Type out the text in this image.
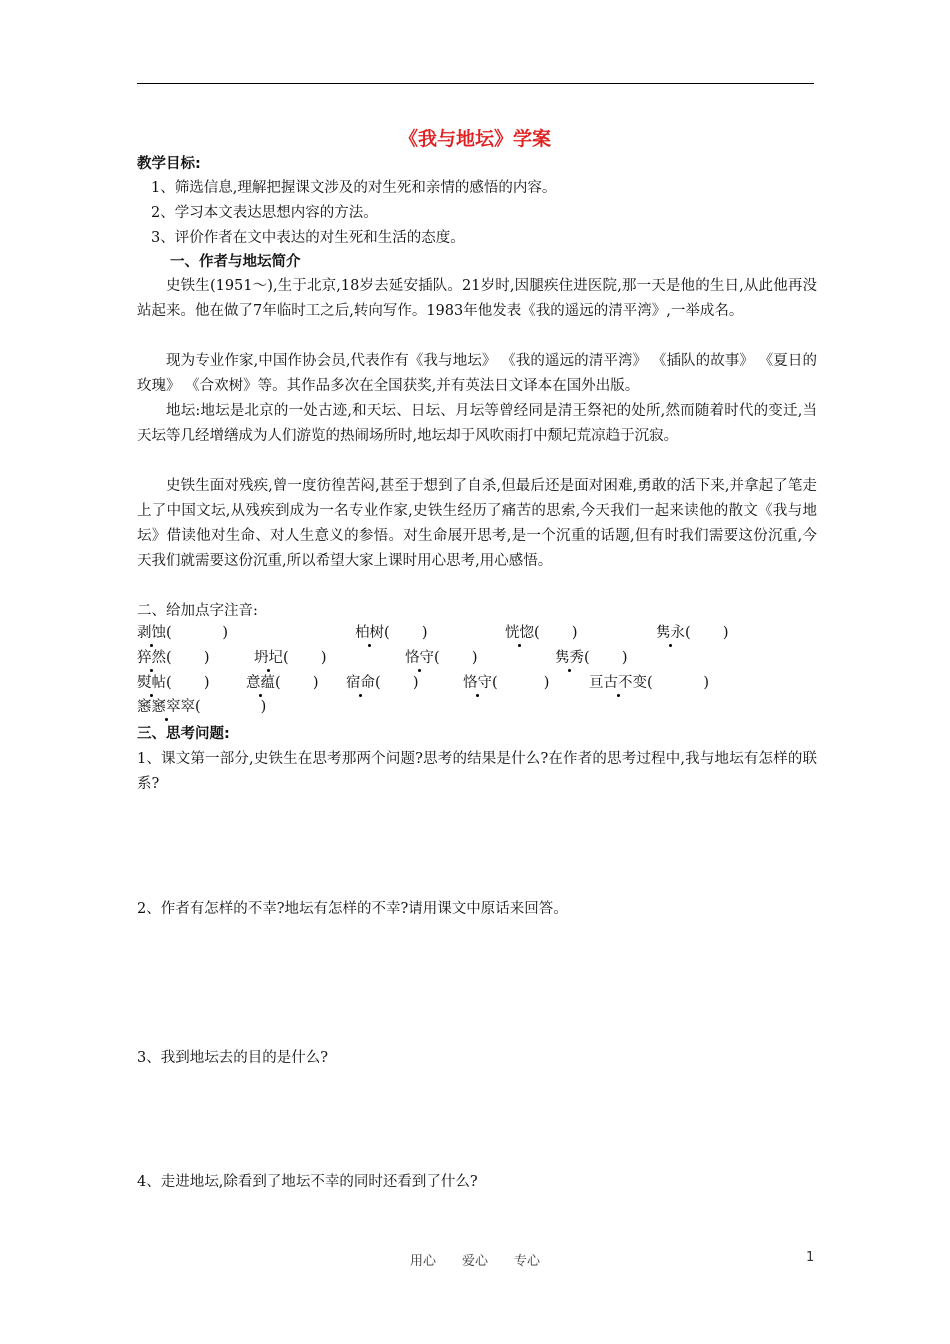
《我与地坛》学案
教学目标:
1、筛选信息,理解把握课文涉及的对生死和亲情的感悟的内容。
2、学习本文表达思想内容的方法。
3、评价作者在文中表达的对生死和生活的态度。
一、作者与地坛简介
史铁生(1951～),生于北京,18岁去延安插队。21岁时,因腿疾住进医院,那一天是他的生日,从此他再没站起来。他在做了7年临时工之后,转向写作。1983年他发表《我的遥远的清平湾》,一举成名。
现为专业作家,中国作协会员,代表作有《我与地坛》 《我的遥远的清平湾》 《插队的故事》 《夏日的玫瑰》 《合欢树》等。其作品多次在全国获奖,并有英法日文译本在国外出版。
地坛:地坛是北京的一处古迹,和天坛、日坛、月坛等曾经同是清王祭祀的处所,然而随着时代的变迁,当天坛等几经增缮成为人们游览的热闹场所时,地坛却于风吹雨打中颓圮荒凉趋于沉寂。
史铁生面对残疾,曾一度彷徨苦闷,甚至于想到了自杀,但最后还是面对困难,勇敢的活下来,并拿起了笔走上了中国文坛,从残疾到成为一名专业作家,史铁生经历了痛苦的思索,今天我们一起来读他的散文《我与地坛》借读他对生命、对人生意义的参悟。对生命展开思考,是一个沉重的话题,但有时我们需要这份沉重,今天我们就需要这份沉重,所以希望大家上课时用心思考,用心感悟。
二、给加点字注音:
剥蚀(           )	柏树(       )	恍惚(       )	隽永(       )
猝然(       )	坍圮(       )	恪守(       )	隽秀(       )
熨帖(       )	意蕴(       ) 宿命(       )	恪守(          )	亘古不变(           )
窸窸窣窣(             )
三、思考问题:
1、课文第一部分,史铁生在思考那两个问题?思考的结果是什么?在作者的思考过程中,我与地坛有怎样的联系?
2、作者有怎样的不幸?地坛有怎样的不幸?请用课文中原话来回答。
3、我到地坛去的目的是什么?
4、走进地坛,除看到了地坛不幸的同时还看到了什么?
用心　　爱心　　专心	1
